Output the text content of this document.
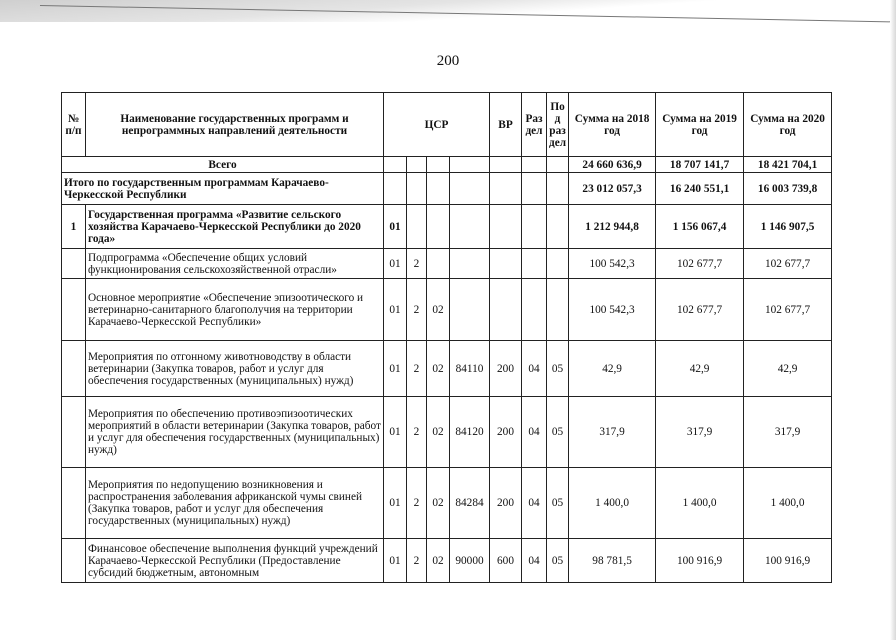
200
№ п/п	Наименование государственных программ и непрограммных направлений деятельности	ЦСР				ВР	Раз дел	По д раз дел	Сумма на 2018 год	Сумма на 2019 год	Сумма на 2020 год
Всего									24 660 636,9	18 707 141,7	18 421 704,1
Итого по государственным программам Карачаево-Черкесской Республики									23 012 057,3	16 240 551,1	16 003 739,8
1	Государственная программа «Развитие сельского хозяйства Карачаево-Черкесской Республики до 2020 года»	01							1 212 944,8	1 156 067,4	1 146 907,5
	Подпрограмма «Обеспечение общих условий функционирования сельскохозяйственной отрасли»	01	2						100 542,3	102 677,7	102 677,7
	Основное мероприятие «Обеспечение эпизоотического и ветеринарно-санитарного благополучия на территории Карачаево-Черкесской Республики»	01	2	02					100 542,3	102 677,7	102 677,7
	Мероприятия по отгонному животноводству в области ветеринарии (Закупка товаров, работ и услуг для обеспечения государственных (муниципальных) нужд)	01	2	02	84110	200	04	05	42,9	42,9	42,9
	Мероприятия по обеспечению противоэпизоотических мероприятий в области ветеринарии (Закупка товаров, работ и услуг для обеспечения государственных (муниципальных) нужд)	01	2	02	84120	200	04	05	317,9	317,9	317,9
	Мероприятия по недопущению возникновения и распространения заболевания африканской чумы свиней (Закупка товаров, работ и услуг для обеспечения государственных (муниципальных) нужд)	01	2	02	84284	200	04	05	1 400,0	1 400,0	1 400,0
	Финансовое обеспечение выполнения функций учреждений Карачаево-Черкесской Республики (Предоставление субсидий бюджетным, автономным	01	2	02	90000	600	04	05	98 781,5	100 916,9	100 916,9
